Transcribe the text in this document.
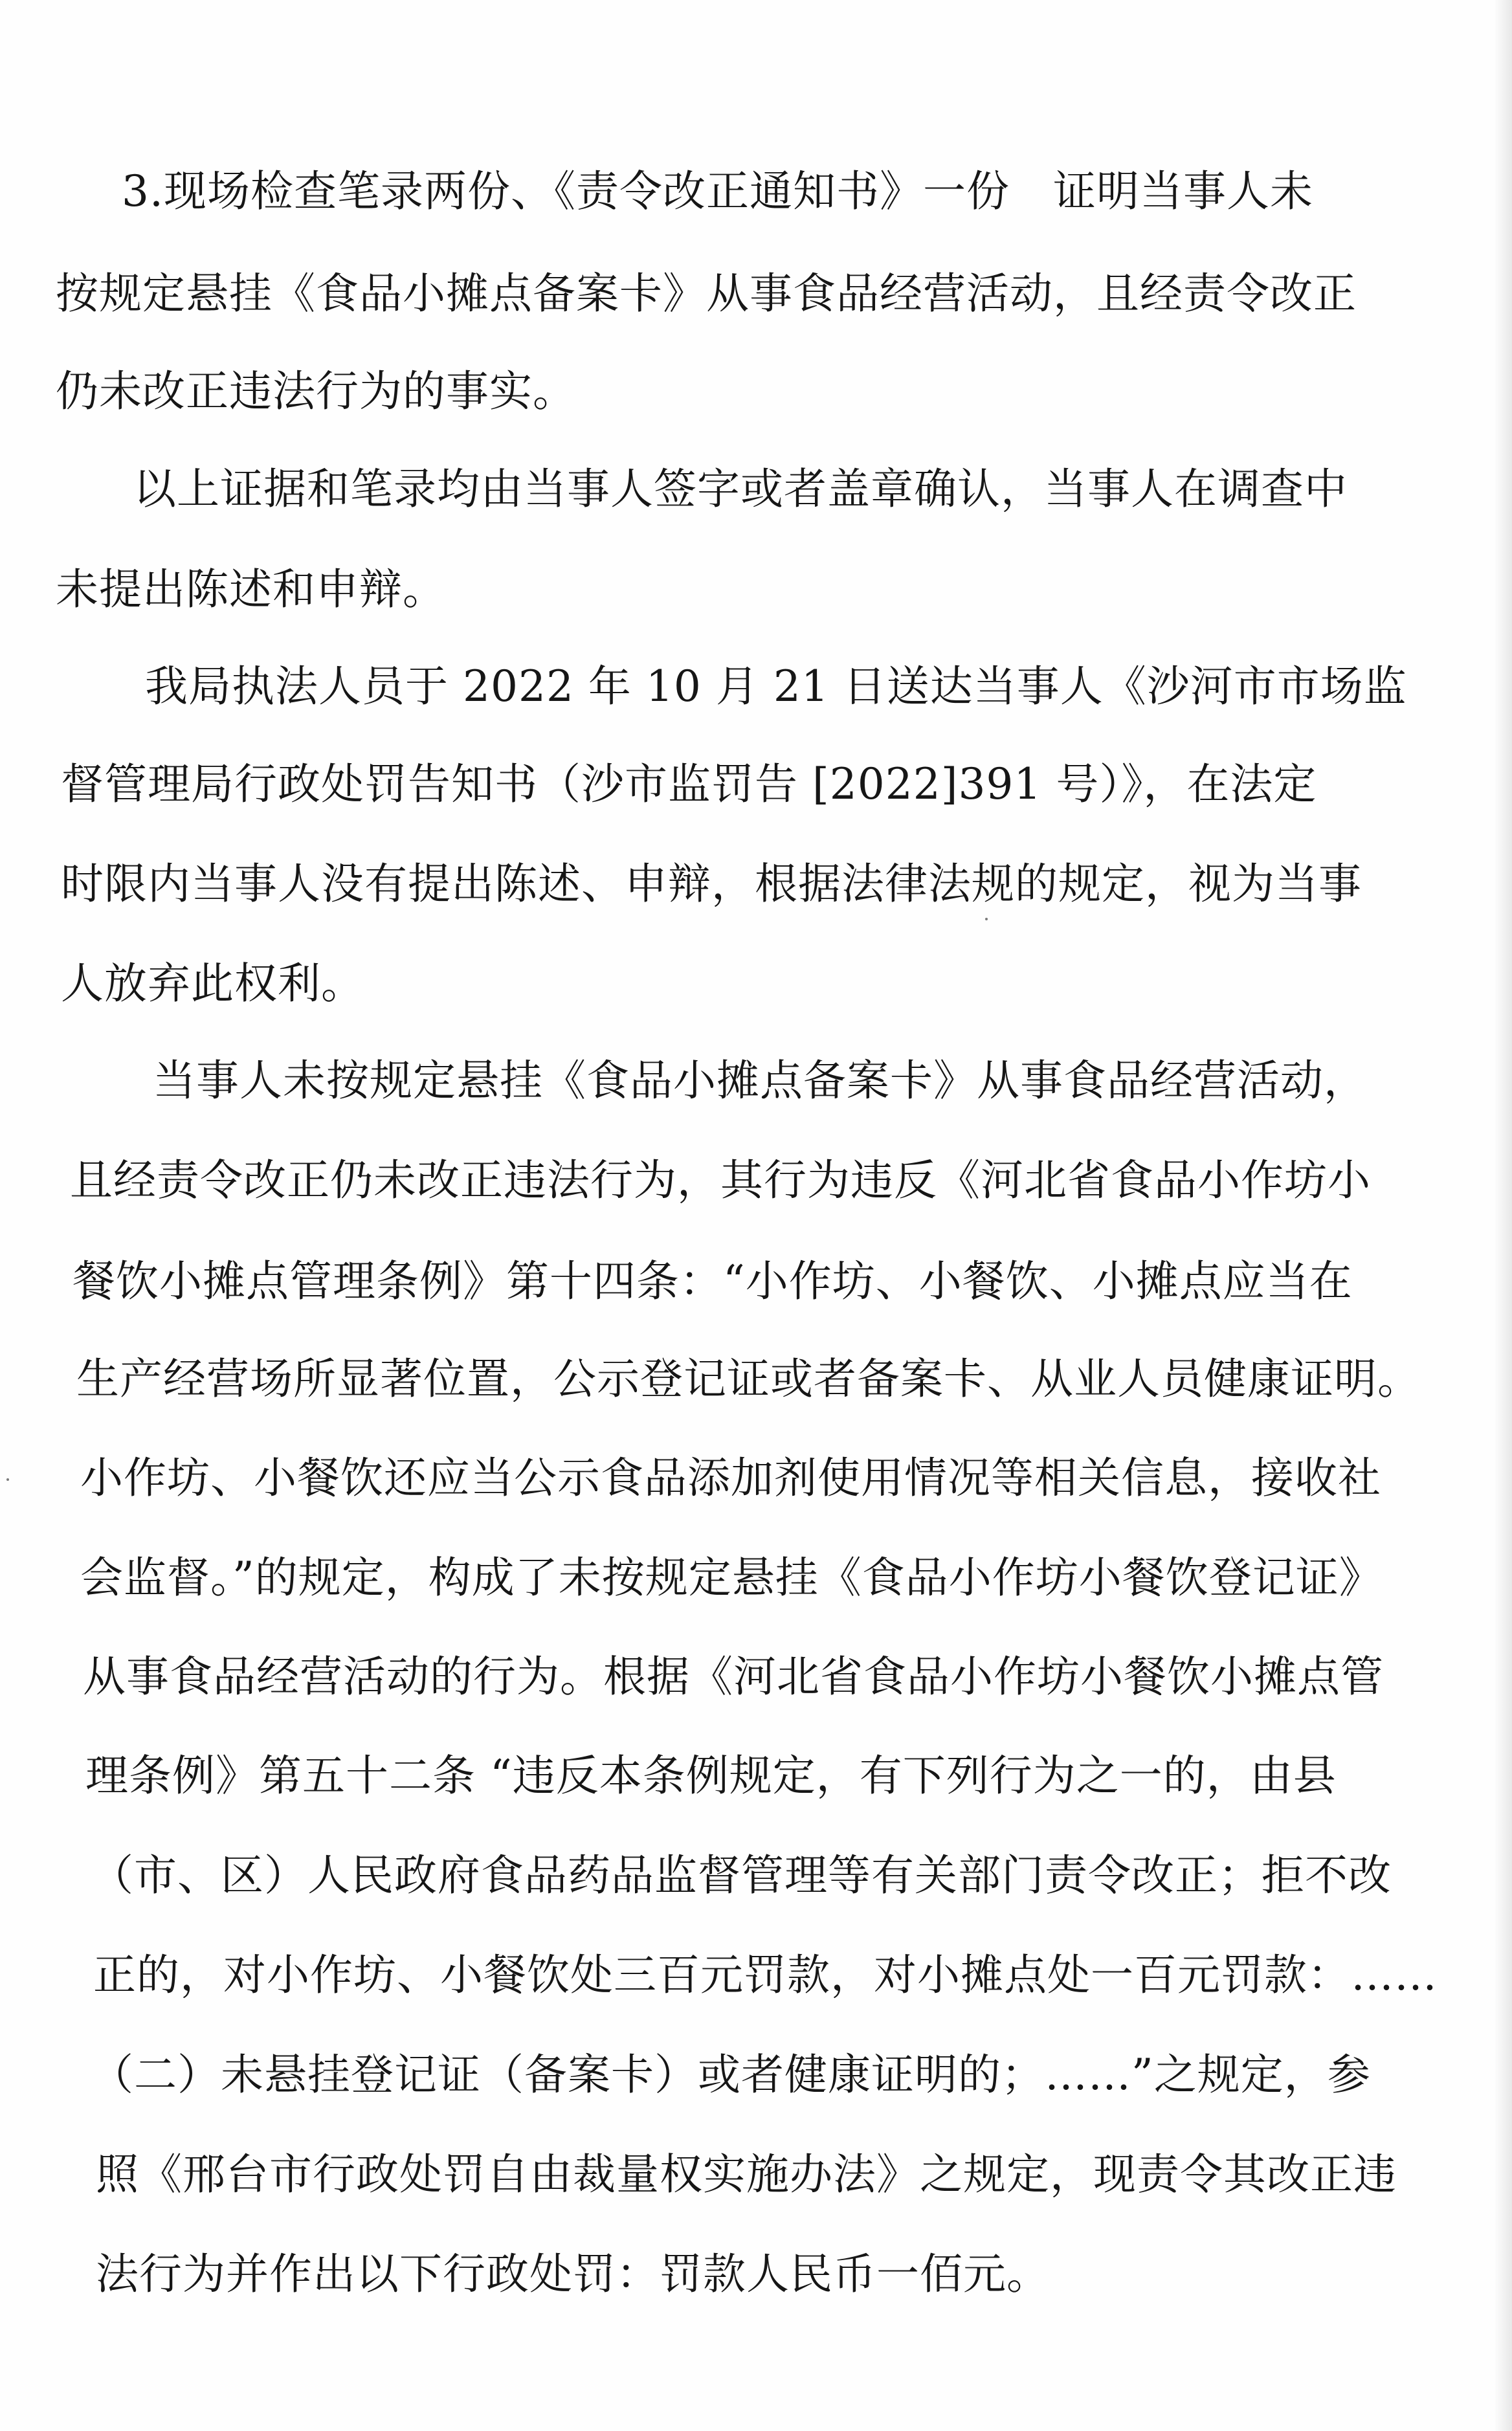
3.现场检查笔录两份、《责令改正通知书》一份　证明当事人未
按规定悬挂《食品小摊点备案卡》从事食品经营活动，且经责令改正
仍未改正违法行为的事实。
以上证据和笔录均由当事人签字或者盖章确认，当事人在调查中
未提出陈述和申辩。
我局执法人员于 2022 年 10 月 21 日送达当事人《沙河市市场监
督管理局行政处罚告知书（沙市监罚告 [2022]391 号）》，在法定
时限内当事人没有提出陈述、申辩，根据法律法规的规定，视为当事
人放弃此权利。
当事人未按规定悬挂《食品小摊点备案卡》从事食品经营活动，
且经责令改正仍未改正违法行为，其行为违反《河北省食品小作坊小
餐饮小摊点管理条例》第十四条：“小作坊、小餐饮、小摊点应当在
生产经营场所显著位置，公示登记证或者备案卡、从业人员健康证明。
小作坊、小餐饮还应当公示食品添加剂使用情况等相关信息，接收社
会监督。”的规定，构成了未按规定悬挂《食品小作坊小餐饮登记证》
从事食品经营活动的行为。根据《河北省食品小作坊小餐饮小摊点管
理条例》第五十二条 “违反本条例规定，有下列行为之一的，由县
（市、区）人民政府食品药品监督管理等有关部门责令改正；拒不改
正的，对小作坊、小餐饮处三百元罚款，对小摊点处一百元罚款：……
（二）未悬挂登记证（备案卡）或者健康证明的；……”之规定，参
照《邢台市行政处罚自由裁量权实施办法》之规定，现责令其改正违
法行为并作出以下行政处罚：罚款人民币一佰元。
